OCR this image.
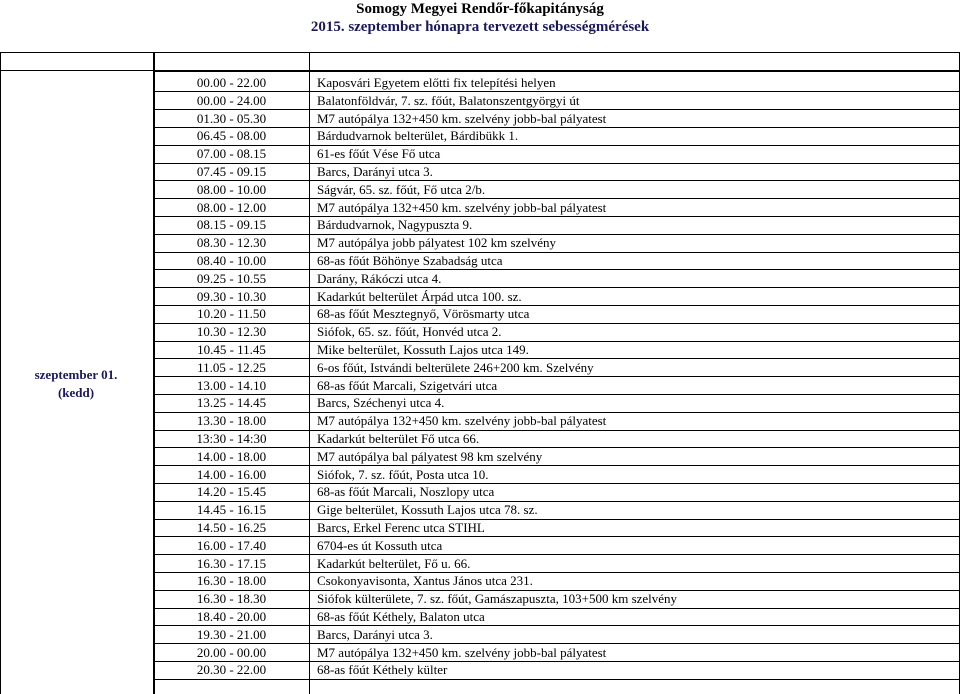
Somogy Megyei Rendőr-főkapitányság
2015. szeptember hónapra tervezett sebességmérések
szeptember 01.
(kedd)
00.00 - 22.00	Kaposvári Egyetem előtti fix telepítési helyen
00.00 - 24.00	Balatonföldvár, 7. sz. főút, Balatonszentgyörgyi út
01.30 - 05.30	M7 autópálya 132+450 km. szelvény jobb-bal pályatest
06.45 - 08.00	Bárdudvarnok belterület, Bárdibükk 1.
07.00 - 08.15	61-es főút Vése Fő utca
07.45 - 09.15	Barcs, Darányi utca 3.
08.00 - 10.00	Ságvár, 65. sz. főút, Fő utca 2/b.
08.00 - 12.00	M7 autópálya 132+450 km. szelvény jobb-bal pályatest
08.15 - 09.15	Bárdudvarnok, Nagypuszta 9.
08.30 - 12.30	M7 autópálya jobb pályatest 102 km szelvény
08.40 - 10.00	68-as főút Böhönye Szabadság utca
09.25 - 10.55	Darány, Rákóczi utca 4.
09.30 - 10.30	Kadarkút belterület Árpád utca 100. sz.
10.20 - 11.50	68-as főút Mesztegnyő, Vörösmarty utca
10.30 - 12.30	Siófok, 65. sz. főút, Honvéd utca 2.
10.45 - 11.45	Mike belterület, Kossuth Lajos utca 149.
11.05 - 12.25	6-os főút, Istvándi belterülete 246+200 km. Szelvény
13.00 - 14.10	68-as főút Marcali, Szigetvári utca
13.25 - 14.45	Barcs, Széchenyi utca 4.
13.30 - 18.00	M7 autópálya 132+450 km. szelvény jobb-bal pályatest
13:30 - 14:30	Kadarkút belterület Fő utca 66.
14.00 - 18.00	M7 autópálya bal pályatest 98 km szelvény
14.00 - 16.00	Siófok, 7. sz. főút, Posta utca 10.
14.20 - 15.45	68-as főút Marcali, Noszlopy utca
14.45 - 16.15	Gige belterület, Kossuth Lajos utca 78. sz.
14.50 - 16.25	Barcs, Erkel Ferenc utca STIHL
16.00 - 17.40	6704-es út Kossuth utca
16.30 - 17.15	Kadarkút belterület, Fő u. 66.
16.30 - 18.00	Csokonyavisonta, Xantus János utca 231.
16.30 - 18.30	Siófok külterülete, 7. sz. főút, Gamászapuszta, 103+500 km szelvény
18.40 - 20.00	68-as főút Kéthely, Balaton utca
19.30 - 21.00	Barcs, Darányi utca 3.
20.00 - 00.00	M7 autópálya 132+450 km. szelvény jobb-bal pályatest
20.30 - 22.00	68-as főút Kéthely külter
